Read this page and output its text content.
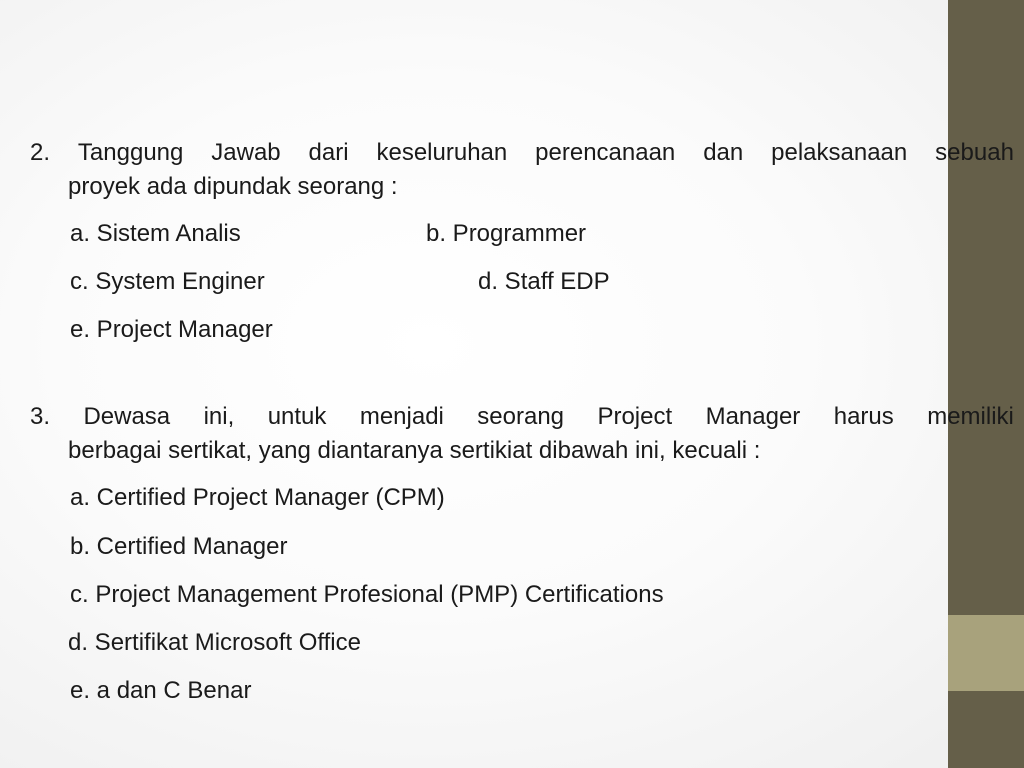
2. Tanggung Jawab dari keseluruhan perencanaan dan pelaksanaan sebuah
proyek ada dipundak seorang :
a. Sistem Analis	b. Programmer
c. System Enginer	d. Staff EDP
e. Project Manager
3. Dewasa ini, untuk menjadi seorang Project Manager harus memiliki
berbagai sertikat, yang diantaranya sertikiat dibawah ini, kecuali :
a. Certified Project Manager (CPM)
b. Certified Manager
c. Project Management Profesional (PMP) Certifications
d. Sertifikat Microsoft Office
e. a dan C Benar
